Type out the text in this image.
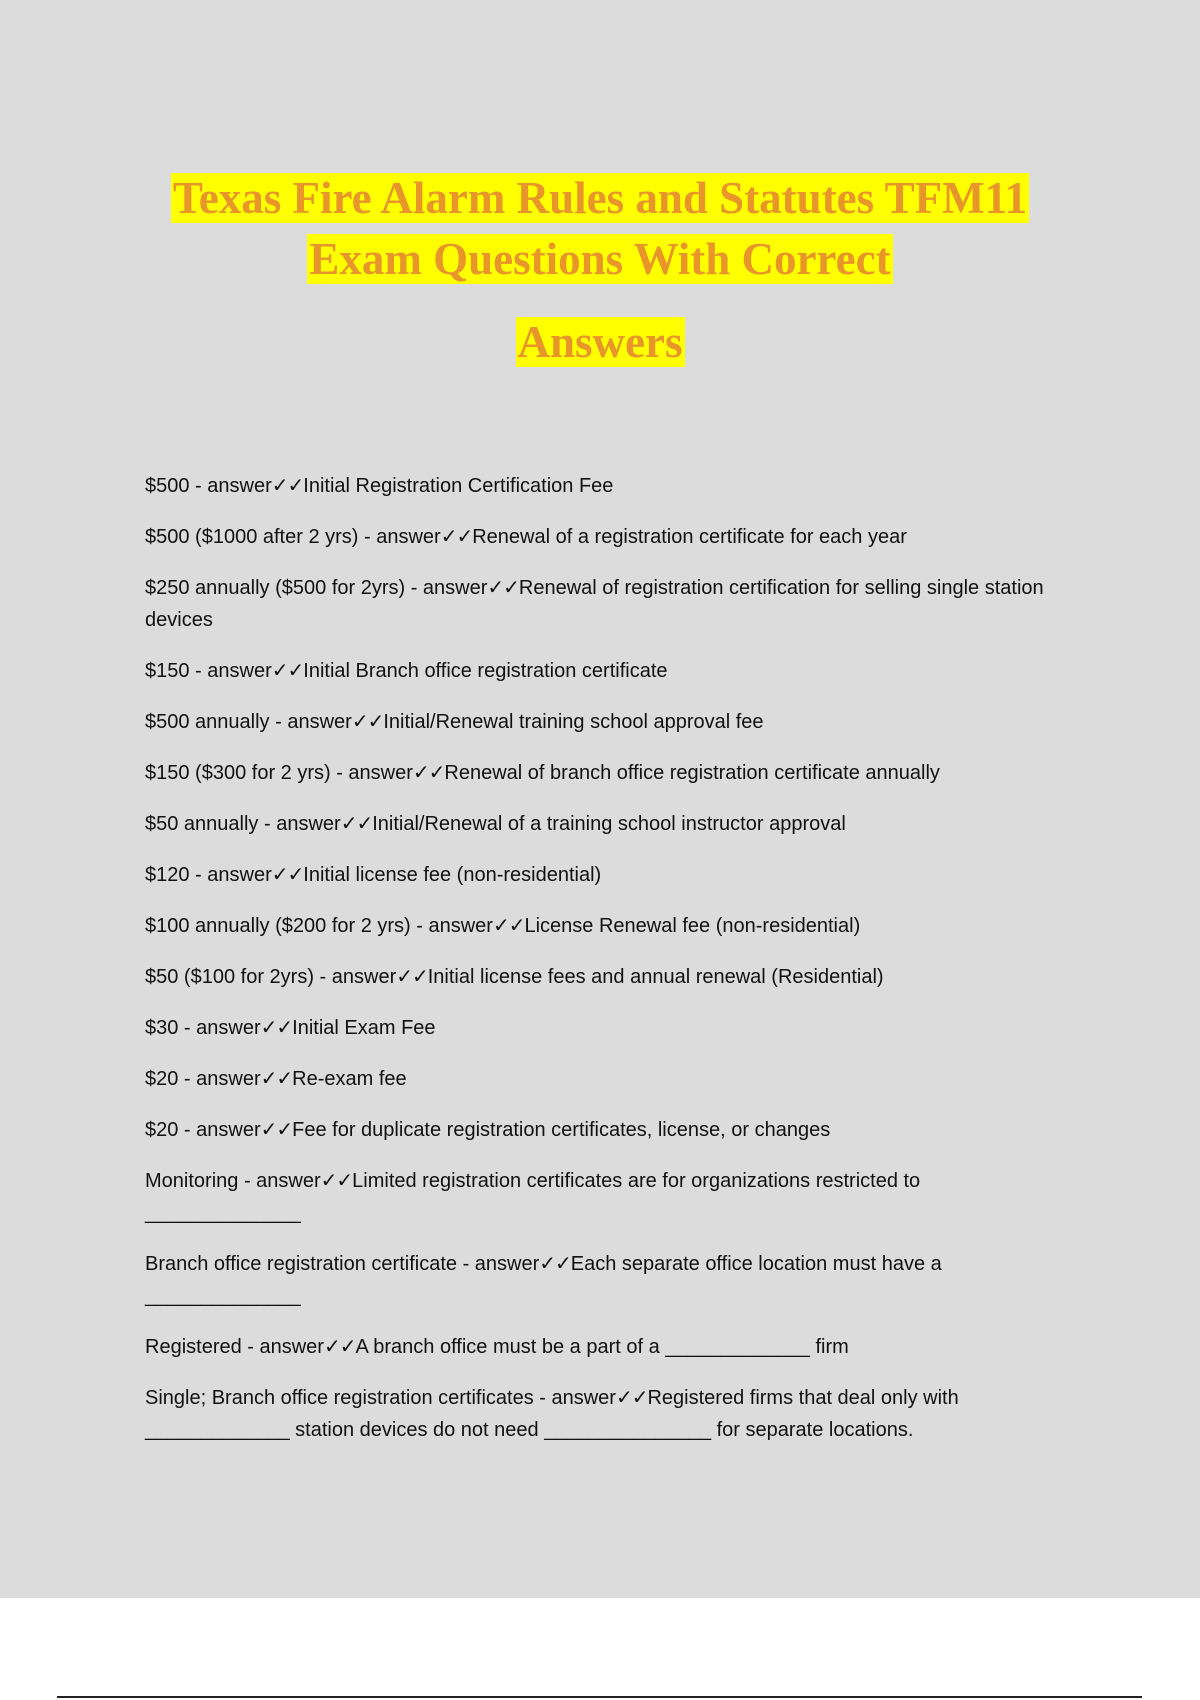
Texas Fire Alarm Rules and Statutes TFM11
Exam Questions With Correct
Answers

$500 - answer✓✓Initial Registration Certification Fee

$500 ($1000 after 2 yrs) - answer✓✓Renewal of a registration certificate for each year

$250 annually ($500 for 2yrs) - answer✓✓Renewal of registration certification for selling single station devices

$150 - answer✓✓Initial Branch office registration certificate

$500 annually - answer✓✓Initial/Renewal training school approval fee

$150 ($300 for 2 yrs) - answer✓✓Renewal of branch office registration certificate annually

$50 annually - answer✓✓Initial/Renewal of a training school instructor approval

$120 - answer✓✓Initial license fee (non-residential)

$100 annually ($200 for 2 yrs) - answer✓✓License Renewal fee (non-residential)

$50 ($100 for 2yrs) - answer✓✓Initial license fees and annual renewal (Residential)

$30 - answer✓✓Initial Exam Fee

$20 - answer✓✓Re-exam fee

$20 - answer✓✓Fee for duplicate registration certificates, license, or changes

Monitoring - answer✓✓Limited registration certificates are for organizations restricted to
______________

Branch office registration certificate - answer✓✓Each separate office location must have a
______________

Registered - answer✓✓A branch office must be a part of a _____________ firm

Single; Branch office registration certificates - answer✓✓Registered firms that deal only with _____________ station devices do not need _______________ for separate locations.
